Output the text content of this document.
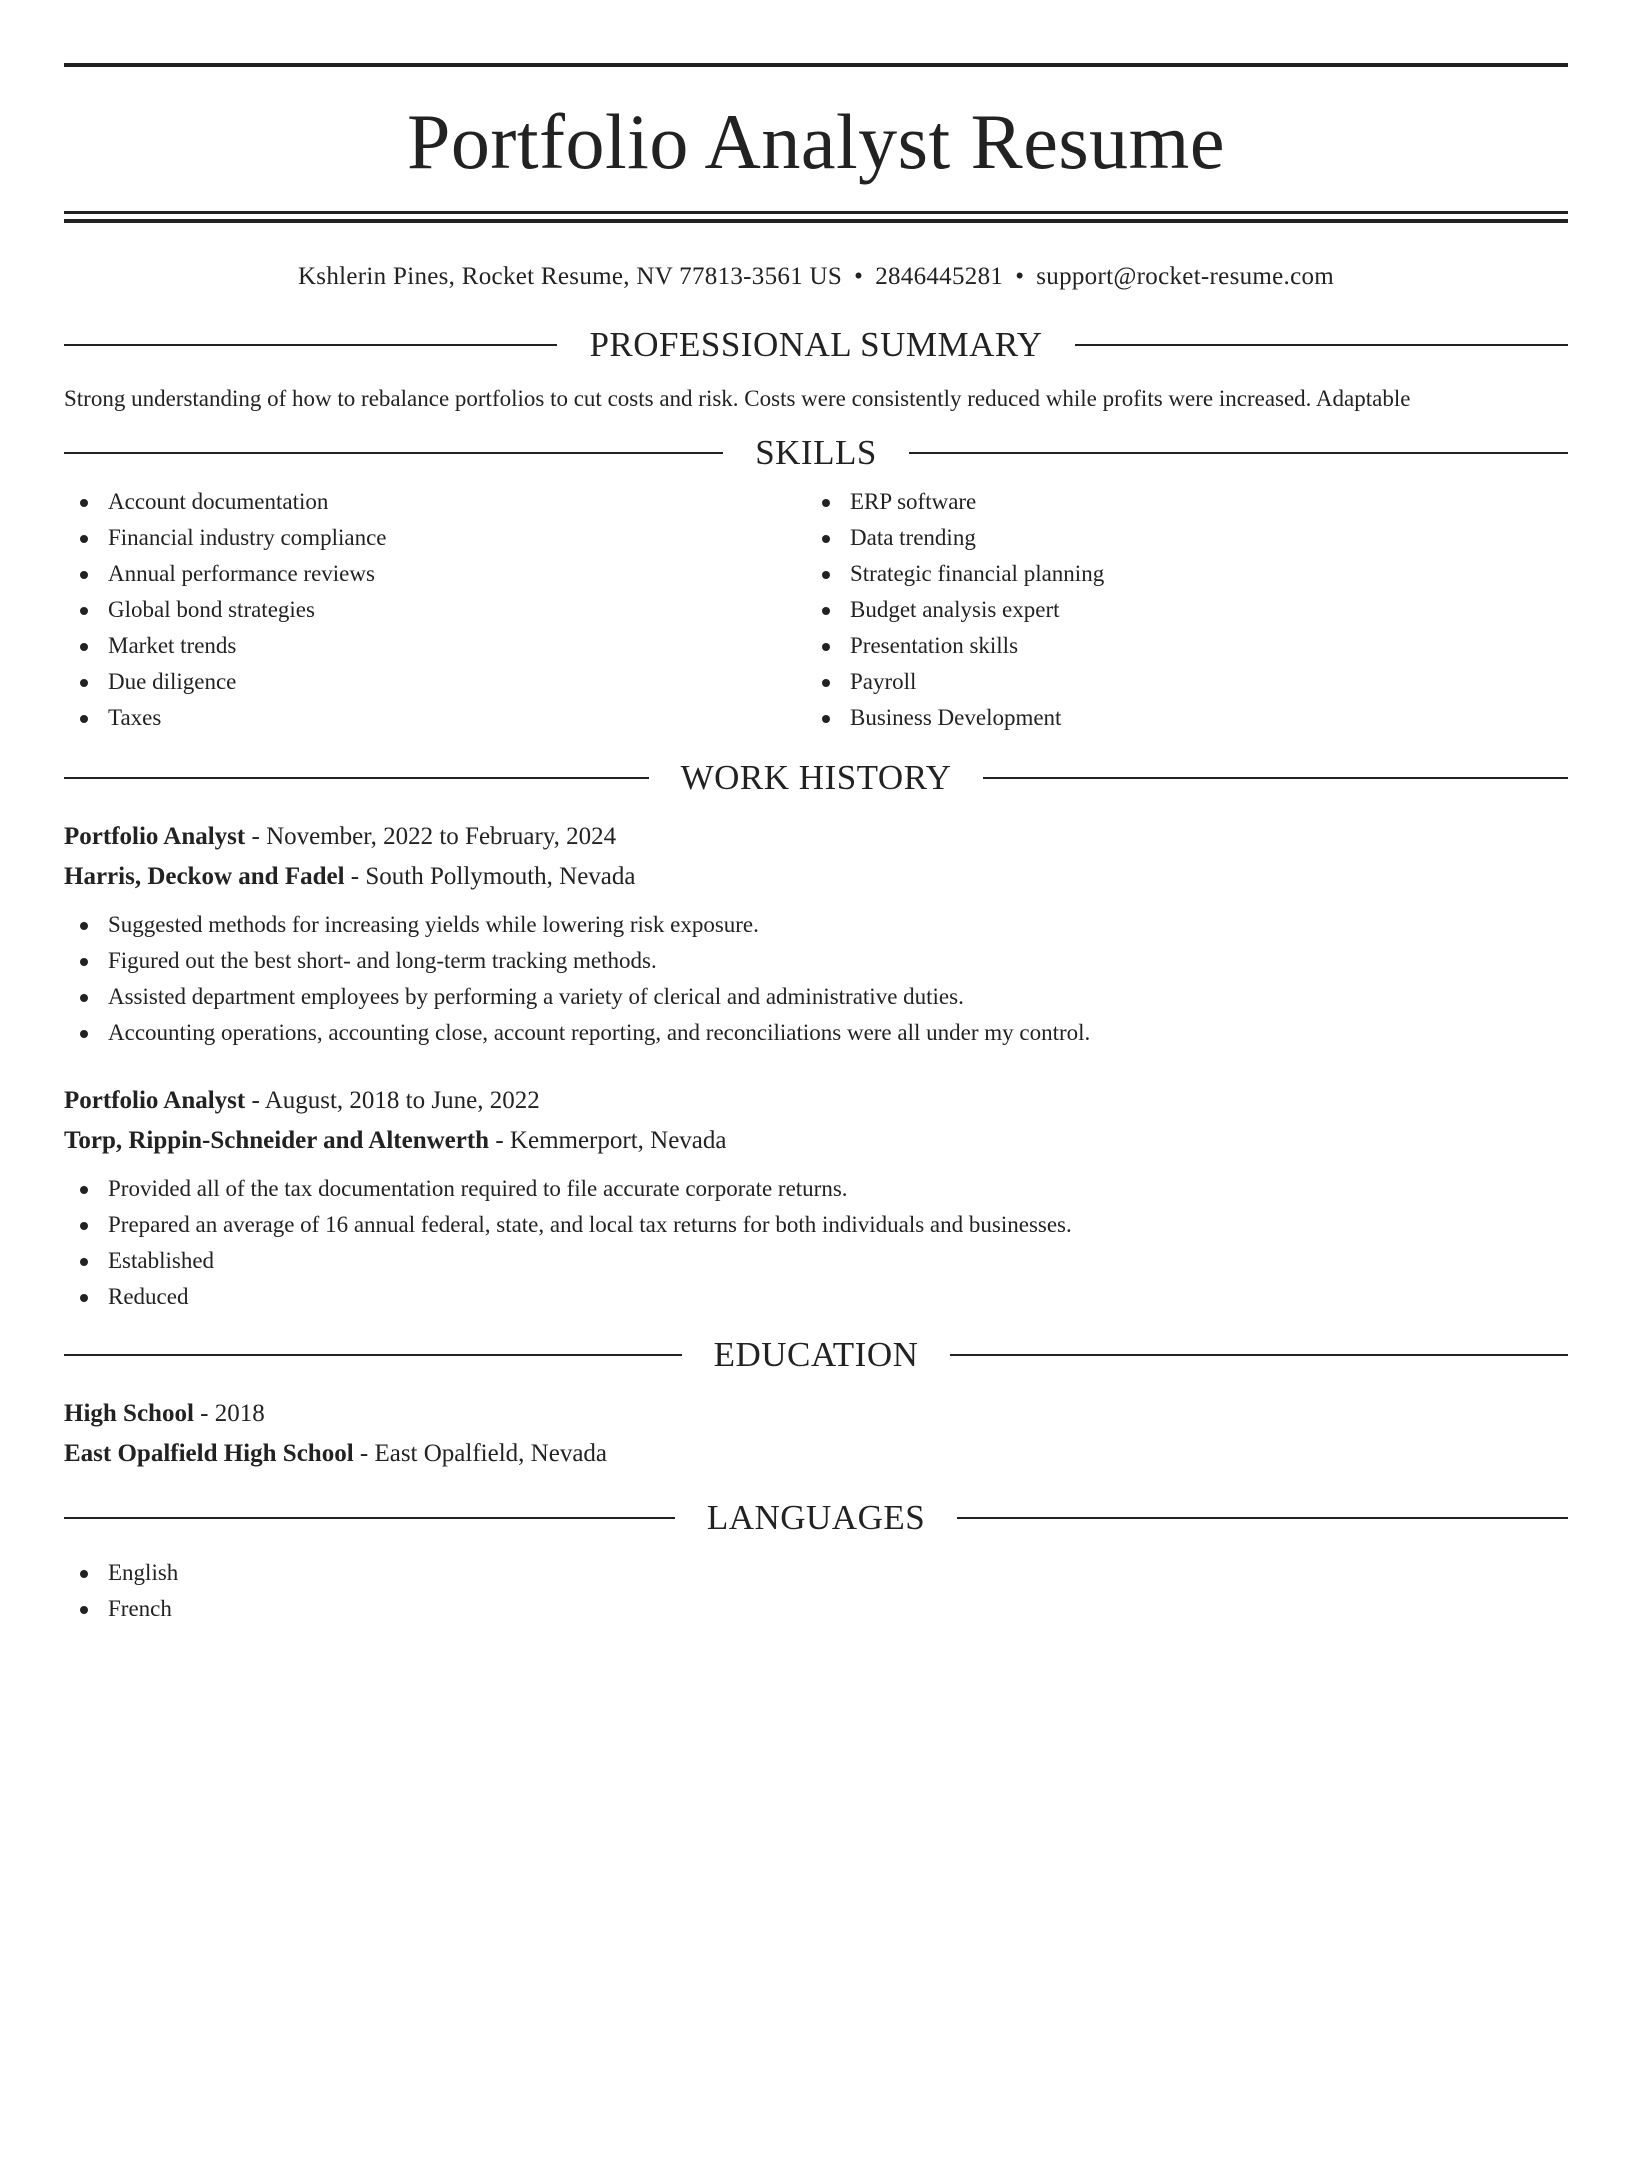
Portfolio Analyst Resume
Kshlerin Pines, Rocket Resume, NV 77813-3561 US • 2846445281 • support@rocket-resume.com
PROFESSIONAL SUMMARY

Strong understanding of how to rebalance portfolios to cut costs and risk. Costs were consistently reduced while profits were increased. Adaptable

SKILLS
Account documentation
Financial industry compliance
Annual performance reviews
Global bond strategies
Market trends
Due diligence
Taxes
ERP software
Data trending
Strategic financial planning
Budget analysis expert
Presentation skills
Payroll
Business Development
WORK HISTORY
Portfolio Analyst - November, 2022 to February, 2024
Harris, Deckow and Fadel - South Pollymouth, Nevada
Suggested methods for increasing yields while lowering risk exposure.
Figured out the best short- and long-term tracking methods.
Assisted department employees by performing a variety of clerical and administrative duties.
Accounting operations, accounting close, account reporting, and reconciliations were all under my control.
Portfolio Analyst - August, 2018 to June, 2022
Torp, Rippin-Schneider and Altenwerth - Kemmerport, Nevada
Provided all of the tax documentation required to file accurate corporate returns.
Prepared an average of 16 annual federal, state, and local tax returns for both individuals and businesses.
Established
Reduced
EDUCATION
High School - 2018
East Opalfield High School - East Opalfield, Nevada
LANGUAGES
English
French
